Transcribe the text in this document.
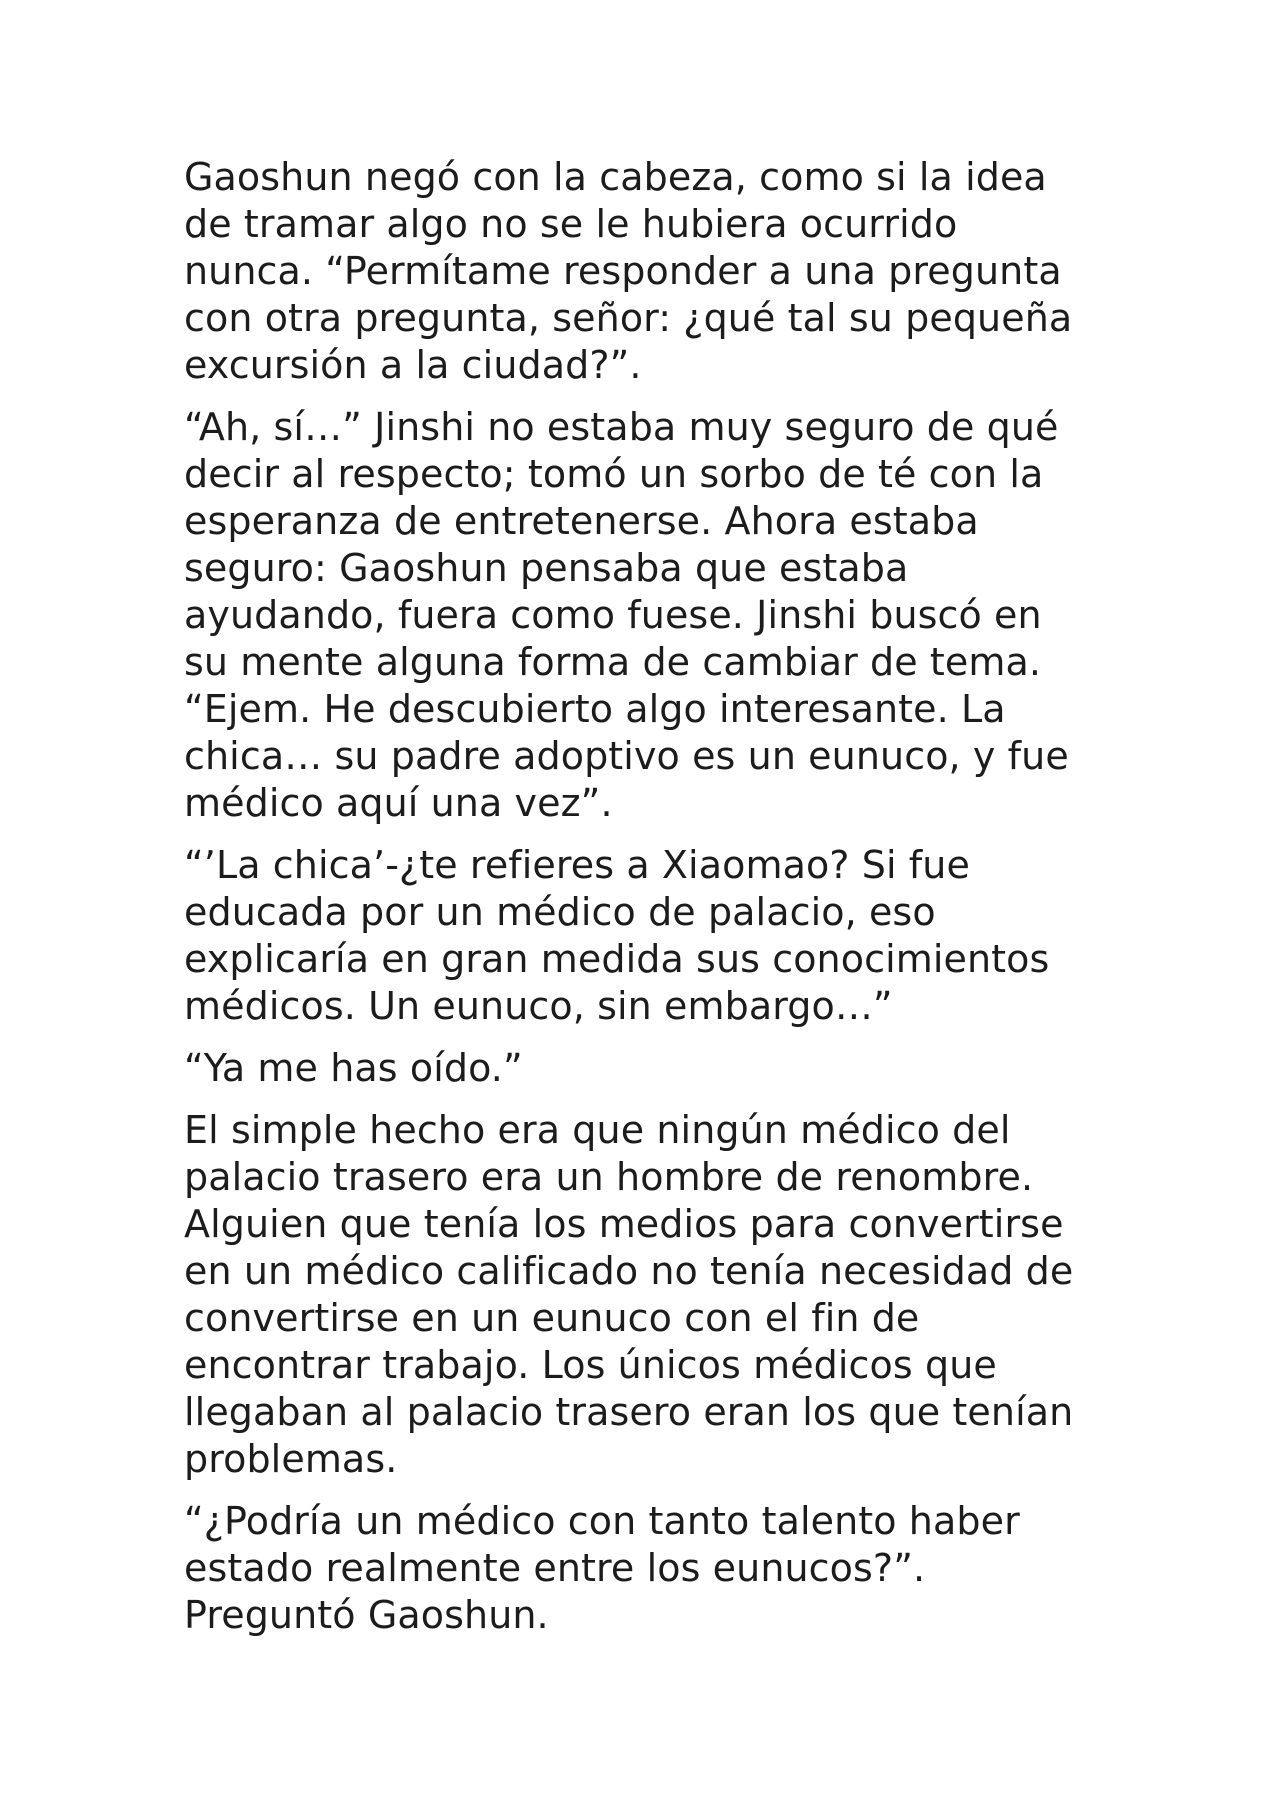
Gaoshun negó con la cabeza, como si la idea
de tramar algo no se le hubiera ocurrido
nunca. “Permítame responder a una pregunta
con otra pregunta, señor: ¿qué tal su pequeña
excursión a la ciudad?”.

“Ah, sí…” Jinshi no estaba muy seguro de qué
decir al respecto; tomó un sorbo de té con la
esperanza de entretenerse. Ahora estaba
seguro: Gaoshun pensaba que estaba
ayudando, fuera como fuese. Jinshi buscó en
su mente alguna forma de cambiar de tema.
“Ejem. He descubierto algo interesante. La
chica… su padre adoptivo es un eunuco, y fue
médico aquí una vez”.

“’La chica’-¿te refieres a Xiaomao? Si fue
educada por un médico de palacio, eso
explicaría en gran medida sus conocimientos
médicos. Un eunuco, sin embargo…”

“Ya me has oído.”

El simple hecho era que ningún médico del
palacio trasero era un hombre de renombre.
Alguien que tenía los medios para convertirse
en un médico calificado no tenía necesidad de
convertirse en un eunuco con el fin de
encontrar trabajo. Los únicos médicos que
llegaban al palacio trasero eran los que tenían
problemas.

“¿Podría un médico con tanto talento haber
estado realmente entre los eunucos?”.
Preguntó Gaoshun.
